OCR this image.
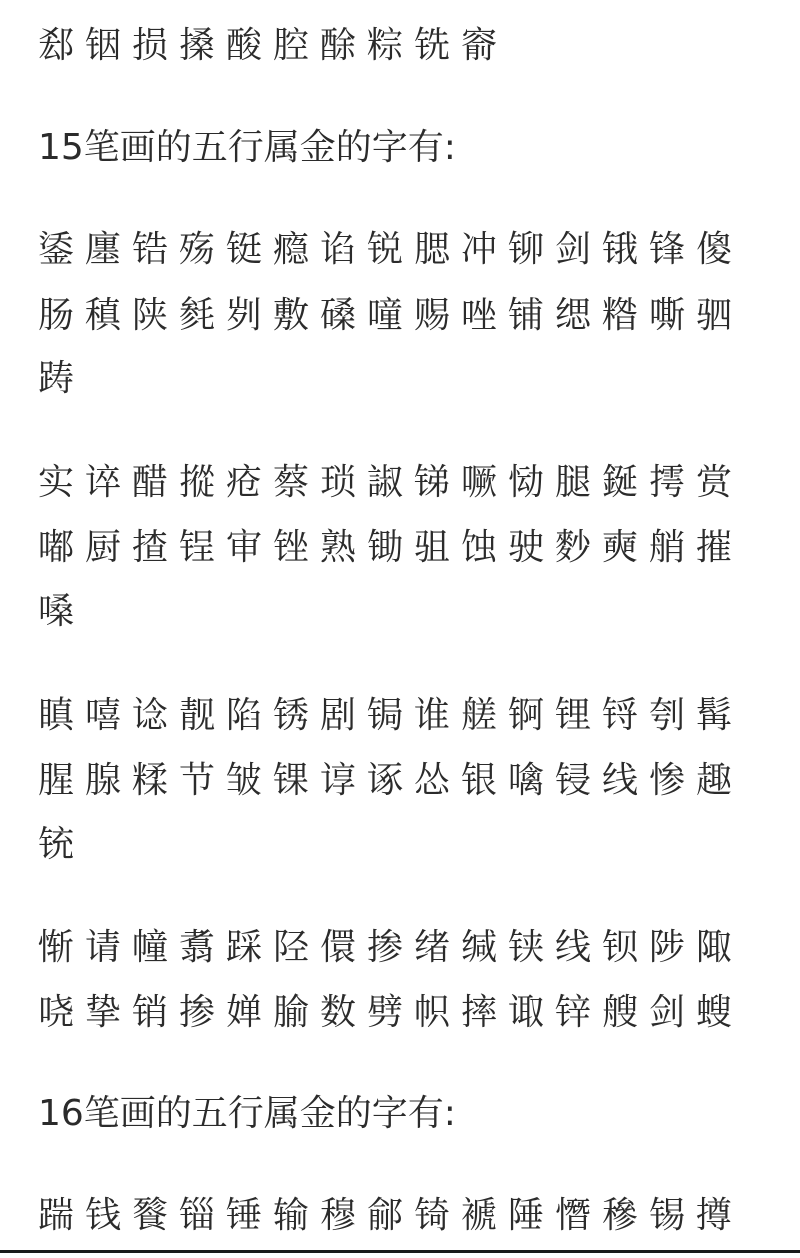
郄铟损搡酸腔酴粽铣窬
15笔画的五行属金的字有:
鋈廛锆殇铤瘾谄锐腮冲铆剑锇锋傻
肠稹陕毵刿敷磉噇赐唑铺缌糌嘶驷
踌
实谇醋摐疮蔡琐諔锑噘恸腿鋋摴赏
嘟厨揸锃审锉熟锄驵蚀驶麨奭艄摧
嗓
瞋嘻谂靓陷锈剧锔谁艖锕锂锊刳髯
腥腺糅节皱锞谆诼怂银噙锓线惨趣
铳
惭请幢翥踩陉儇掺绪缄铗线钡陟陬
哓挚销掺婵腧数劈帜摔诹锌艘剑螋
16笔画的五行属金的字有:
踹钱餮锱锤输穆鄃锜褫陲憯穇锡撙
